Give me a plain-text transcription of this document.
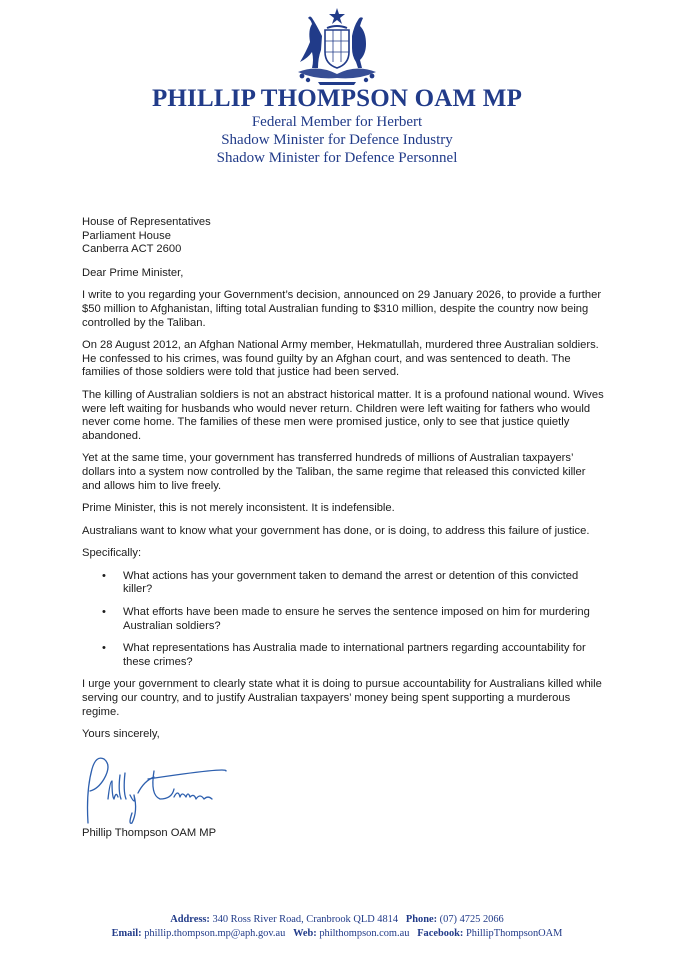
PHILLIP THOMPSON OAM MP
Federal Member for Herbert
Shadow Minister for Defence Industry
Shadow Minister for Defence Personnel
House of Representatives
Parliament House
Canberra ACT 2600

Dear Prime Minister,

I write to you regarding your Government’s decision, announced on 29 January 2026, to provide a further $50 million to Afghanistan, lifting total Australian funding to $310 million, despite the country now being controlled by the Taliban.

On 28 August 2012, an Afghan National Army member, Hekmatullah, murdered three Australian soldiers. He confessed to his crimes, was found guilty by an Afghan court, and was sentenced to death. The families of those soldiers were told that justice had been served.

The killing of Australian soldiers is not an abstract historical matter. It is a profound national wound. Wives were left waiting for husbands who would never return. Children were left waiting for fathers who would never come home. The families of these men were promised justice, only to see that justice quietly abandoned.

Yet at the same time, your government has transferred hundreds of millions of Australian taxpayers’ dollars into a system now controlled by the Taliban, the same regime that released this convicted killer and allows him to live freely.

Prime Minister, this is not merely inconsistent. It is indefensible.

Australians want to know what your government has done, or is doing, to address this failure of justice.

Specifically:

• What actions has your government taken to demand the arrest or detention of this convicted killer?
• What efforts have been made to ensure he serves the sentence imposed on him for murdering Australian soldiers?
• What representations has Australia made to international partners regarding accountability for these crimes?

I urge your government to clearly state what it is doing to pursue accountability for Australians killed while serving our country, and to justify Australian taxpayers’ money being spent supporting a murderous regime.

Yours sincerely,

Phillip Thompson OAM MP

Address: 340 Ross River Road, Cranbrook QLD 4814 Phone: (07) 4725 2066
Email: phillip.thompson.mp@aph.gov.au Web: philthompson.com.au Facebook: PhillipThompsonOAM
